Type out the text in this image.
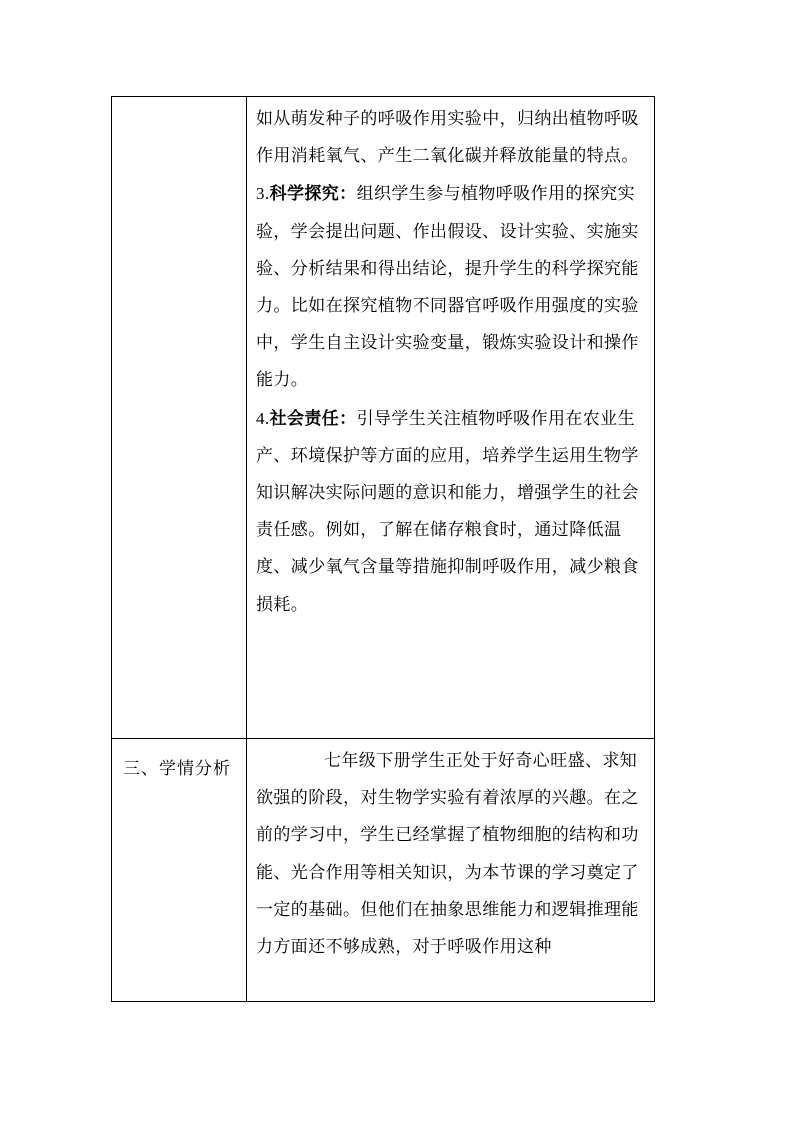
	如从萌发种子的呼吸作用实验中，归纳出植物呼吸作用消耗氧气、产生二氧化碳并释放能量的特点。

3.科学探究：组织学生参与植物呼吸作用的探究实验，学会提出问题、作出假设、设计实验、实施实验、分析结果和得出结论，提升学生的科学探究能力。比如在探究植物不同器官呼吸作用强度的实验中，学生自主设计实验变量，锻炼实验设计和操作能力。

4.社会责任：引导学生关注植物呼吸作用在农业生产、环境保护等方面的应用，培养学生运用生物学知识解决实际问题的意识和能力，增强学生的社会责任感。例如，了解在储存粮食时，通过降低温度、减少氧气含量等措施抑制呼吸作用，减少粮食损耗。

三、学情分析	七年级下册学生正处于好奇心旺盛、求知欲强的阶段，对生物学实验有着浓厚的兴趣。在之前的学习中，学生已经掌握了植物细胞的结构和功能、光合作用等相关知识，为本节课的学习奠定了一定的基础。但他们在抽象思维能力和逻辑推理能力方面还不够成熟，对于呼吸作用这种
